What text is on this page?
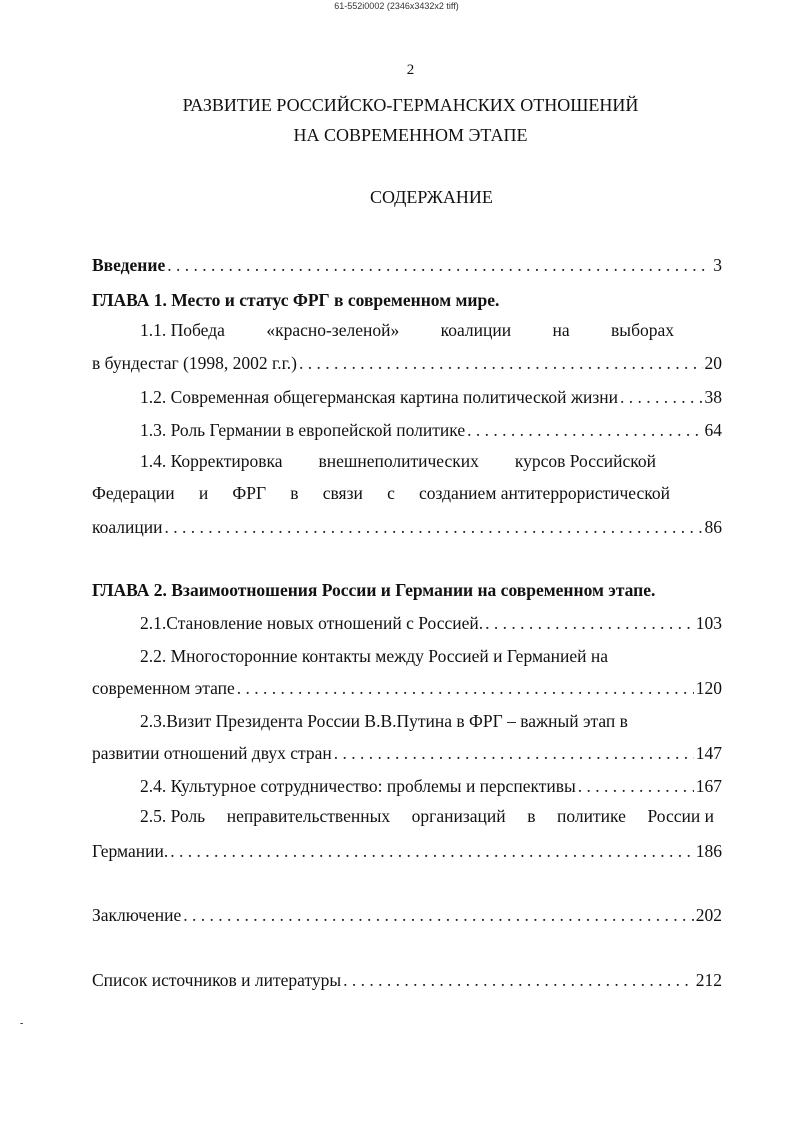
61-552i0002 (2346x3432x2 tiff)
2
РАЗВИТИЕ РОССИЙСКО-ГЕРМАНСКИХ ОТНОШЕНИЙ
НА СОВРЕМЕННОМ ЭТАПЕ
СОДЕРЖАНИЕ
Введение . . .	3
ГЛАВА 1. Место и статус ФРГ в современном мире.
1.1. Победа «красно-зеленой» коалиции на выборах
в бундестаг (1998, 2002 г.г.) . . .	20
1.2. Современная общегерманская картина политической жизни . . .	38
1.3. Роль Германии в европейской политике . . .	64
1.4. Корректировка внешнеполитических курсов Российской
Федерации и ФРГ в связи с созданием антитеррористической
коалиции . . .	86
ГЛАВА 2. Взаимоотношения России и Германии на современном этапе.
2.1.Становление новых отношений с Россией. . . .	103
2.2. Многосторонние контакты между Россией и Германией на
современном этапе . . .	120
2.3.Визит Президента России В.В.Путина в ФРГ – важный этап в
развитии отношений двух стран . . .	147
2.4. Культурное сотрудничество: проблемы и перспективы . . .	167
2.5. Роль неправительственных организаций в политике России и
Германии. . . .	186
Заключение . . .	202
Список источников и литературы . . .	212
-
